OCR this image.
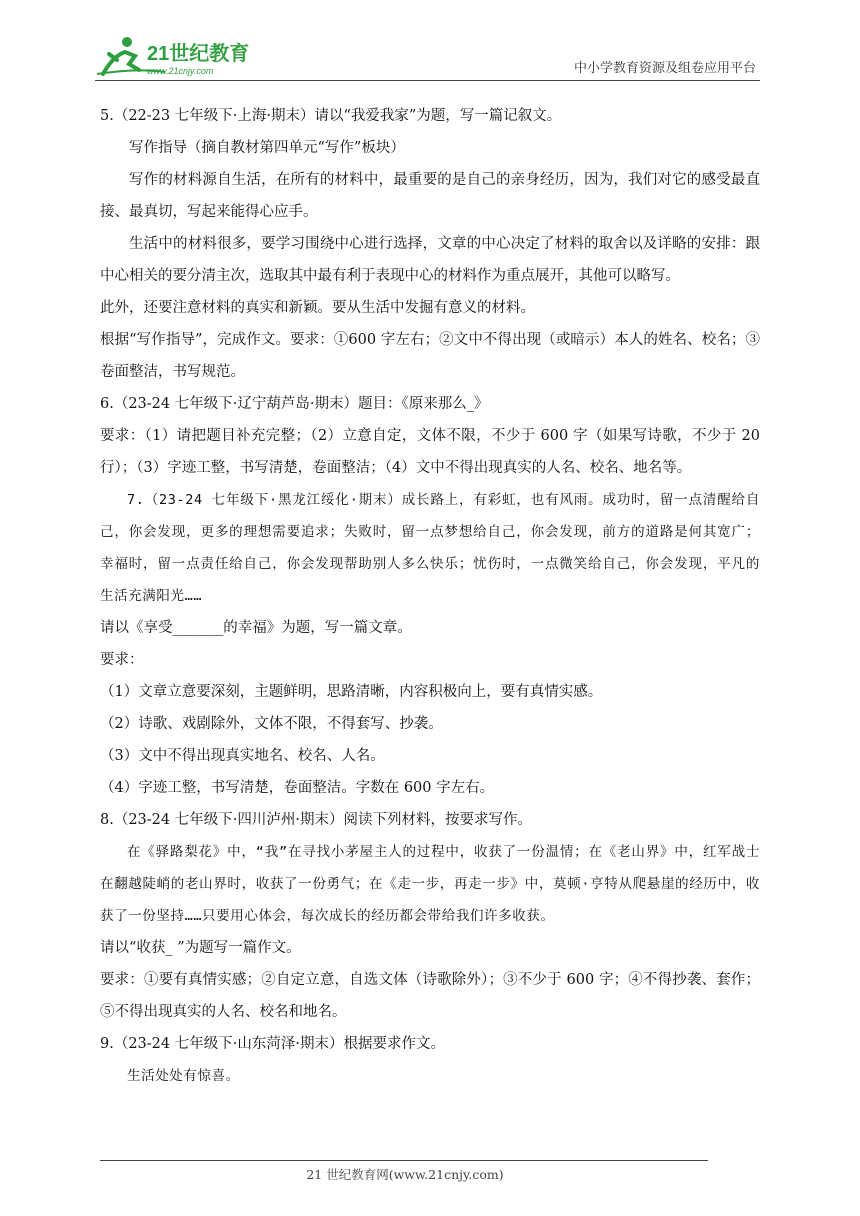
21世纪教育
www.21cnjy.com	中小学教育资源及组卷应用平台

5.（22-23 七年级下·上海·期末）请以“我爱我家”为题，写一篇记叙文。

写作指导（摘自教材第四单元“写作”板块）

写作的材料源自生活，在所有的材料中，最重要的是自己的亲身经历，因为，我们对它的感受最直接、最真切，写起来能得心应手。

生活中的材料很多，要学习围绕中心进行选择，文章的中心决定了材料的取舍以及详略的安排：跟中心相关的要分清主次，选取其中最有利于表现中心的材料作为重点展开，其他可以略写。

此外，还要注意材料的真实和新颖。要从生活中发掘有意义的材料。

根据“写作指导”，完成作文。要求：①600 字左右；②文中不得出现（或暗示）本人的姓名、校名；③卷面整洁，书写规范。

6.（23-24 七年级下·辽宁葫芦岛·期末）题目：《原来那么_》

要求：（1）请把题目补充完整；（2）立意自定，文体不限，不少于 600 字（如果写诗歌，不少于 20 行）；（3）字迹工整，书写清楚，卷面整洁；（4）文中不得出现真实的人名、校名、地名等。

7.（23-24 七年级下·黑龙江绥化·期末）成长路上，有彩虹，也有风雨。成功时，留一点清醒给自己，你会发现，更多的理想需要追求；失败时，留一点梦想给自己，你会发现，前方的道路是何其宽广；幸福时，留一点责任给自己，你会发现帮助别人多么快乐；忧伤时，一点微笑给自己，你会发现，平凡的生活充满阳光……

请以《享受_______的幸福》为题，写一篇文章。

要求：

（1）文章立意要深刻，主题鲜明，思路清晰，内容积极向上，要有真情实感。

（2）诗歌、戏剧除外，文体不限，不得套写、抄袭。

（3）文中不得出现真实地名、校名、人名。

（4）字迹工整，书写清楚，卷面整洁。字数在 600 字左右。

8.（23-24 七年级下·四川泸州·期末）阅读下列材料，按要求写作。

在《驿路梨花》中，“我”在寻找小茅屋主人的过程中，收获了一份温情；在《老山界》中，红军战士在翻越陡峭的老山界时，收获了一份勇气；在《走一步，再走一步》中，莫顿·亨特从爬悬崖的经历中，收获了一份坚持……只要用心体会，每次成长的经历都会带给我们许多收获。

请以“收获_ ”为题写一篇作文。

要求：①要有真情实感；②自定立意，自选文体（诗歌除外）；③不少于 600 字；④不得抄袭、套作；⑤不得出现真实的人名、校名和地名。

9.（23-24 七年级下·山东菏泽·期末）根据要求作文。

生活处处有惊喜。

21 世纪教育网(www.21cnjy.com)
